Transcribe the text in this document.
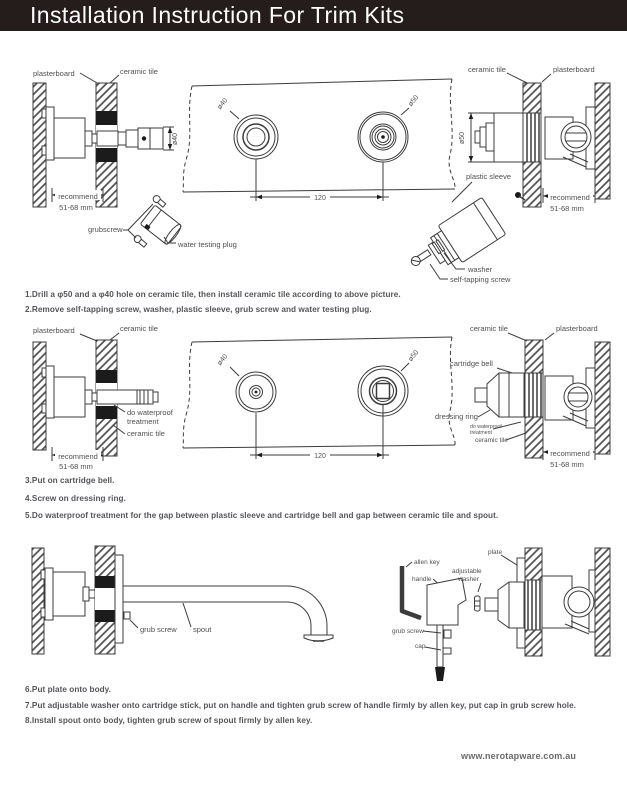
Installation Instruction For Trim Kits
ø40
plasterboard	ceramic tile
recommend
51-68 mm
ø40	ø50
120
grubscrew
water testing plug
ceramic tile	plasterboard
ø50
recommend
51-68 mm
plastic sleeve
washer
self-tapping screw
1.Drill a φ50 and a φ40 hole on ceramic tile, then install ceramic tile according to above picture.
2.Remove self-tapping screw, washer, plastic sleeve, grub screw and water testing plug.
plasterboard	ceramic tile
do waterproof
treatment
ceramic tile
recommend
51-68 mm
ø40	ø50
120
ceramic tile	plasterboard
cartridge bell
dressing ring
do waterproof
treatment
ceramic tile
recommend
51-68 mm
3.Put on cartridge bell.
4.Screw on dressing ring.
5.Do waterproof treatment for the gap between plastic sleeve and cartridge bell and gap between ceramic tile and spout.
grub screw spout
allen key
handle
adjustable
washer
grub screw
cap
plate
6.Put plate onto body.
7.Put adjustable washer onto cartridge stick, put on handle and tighten grub screw of handle firmly by allen key, put cap in grub screw hole.
8.Install spout onto body, tighten grub screw of spout firmly by allen key.
www.nerotapware.com.au
